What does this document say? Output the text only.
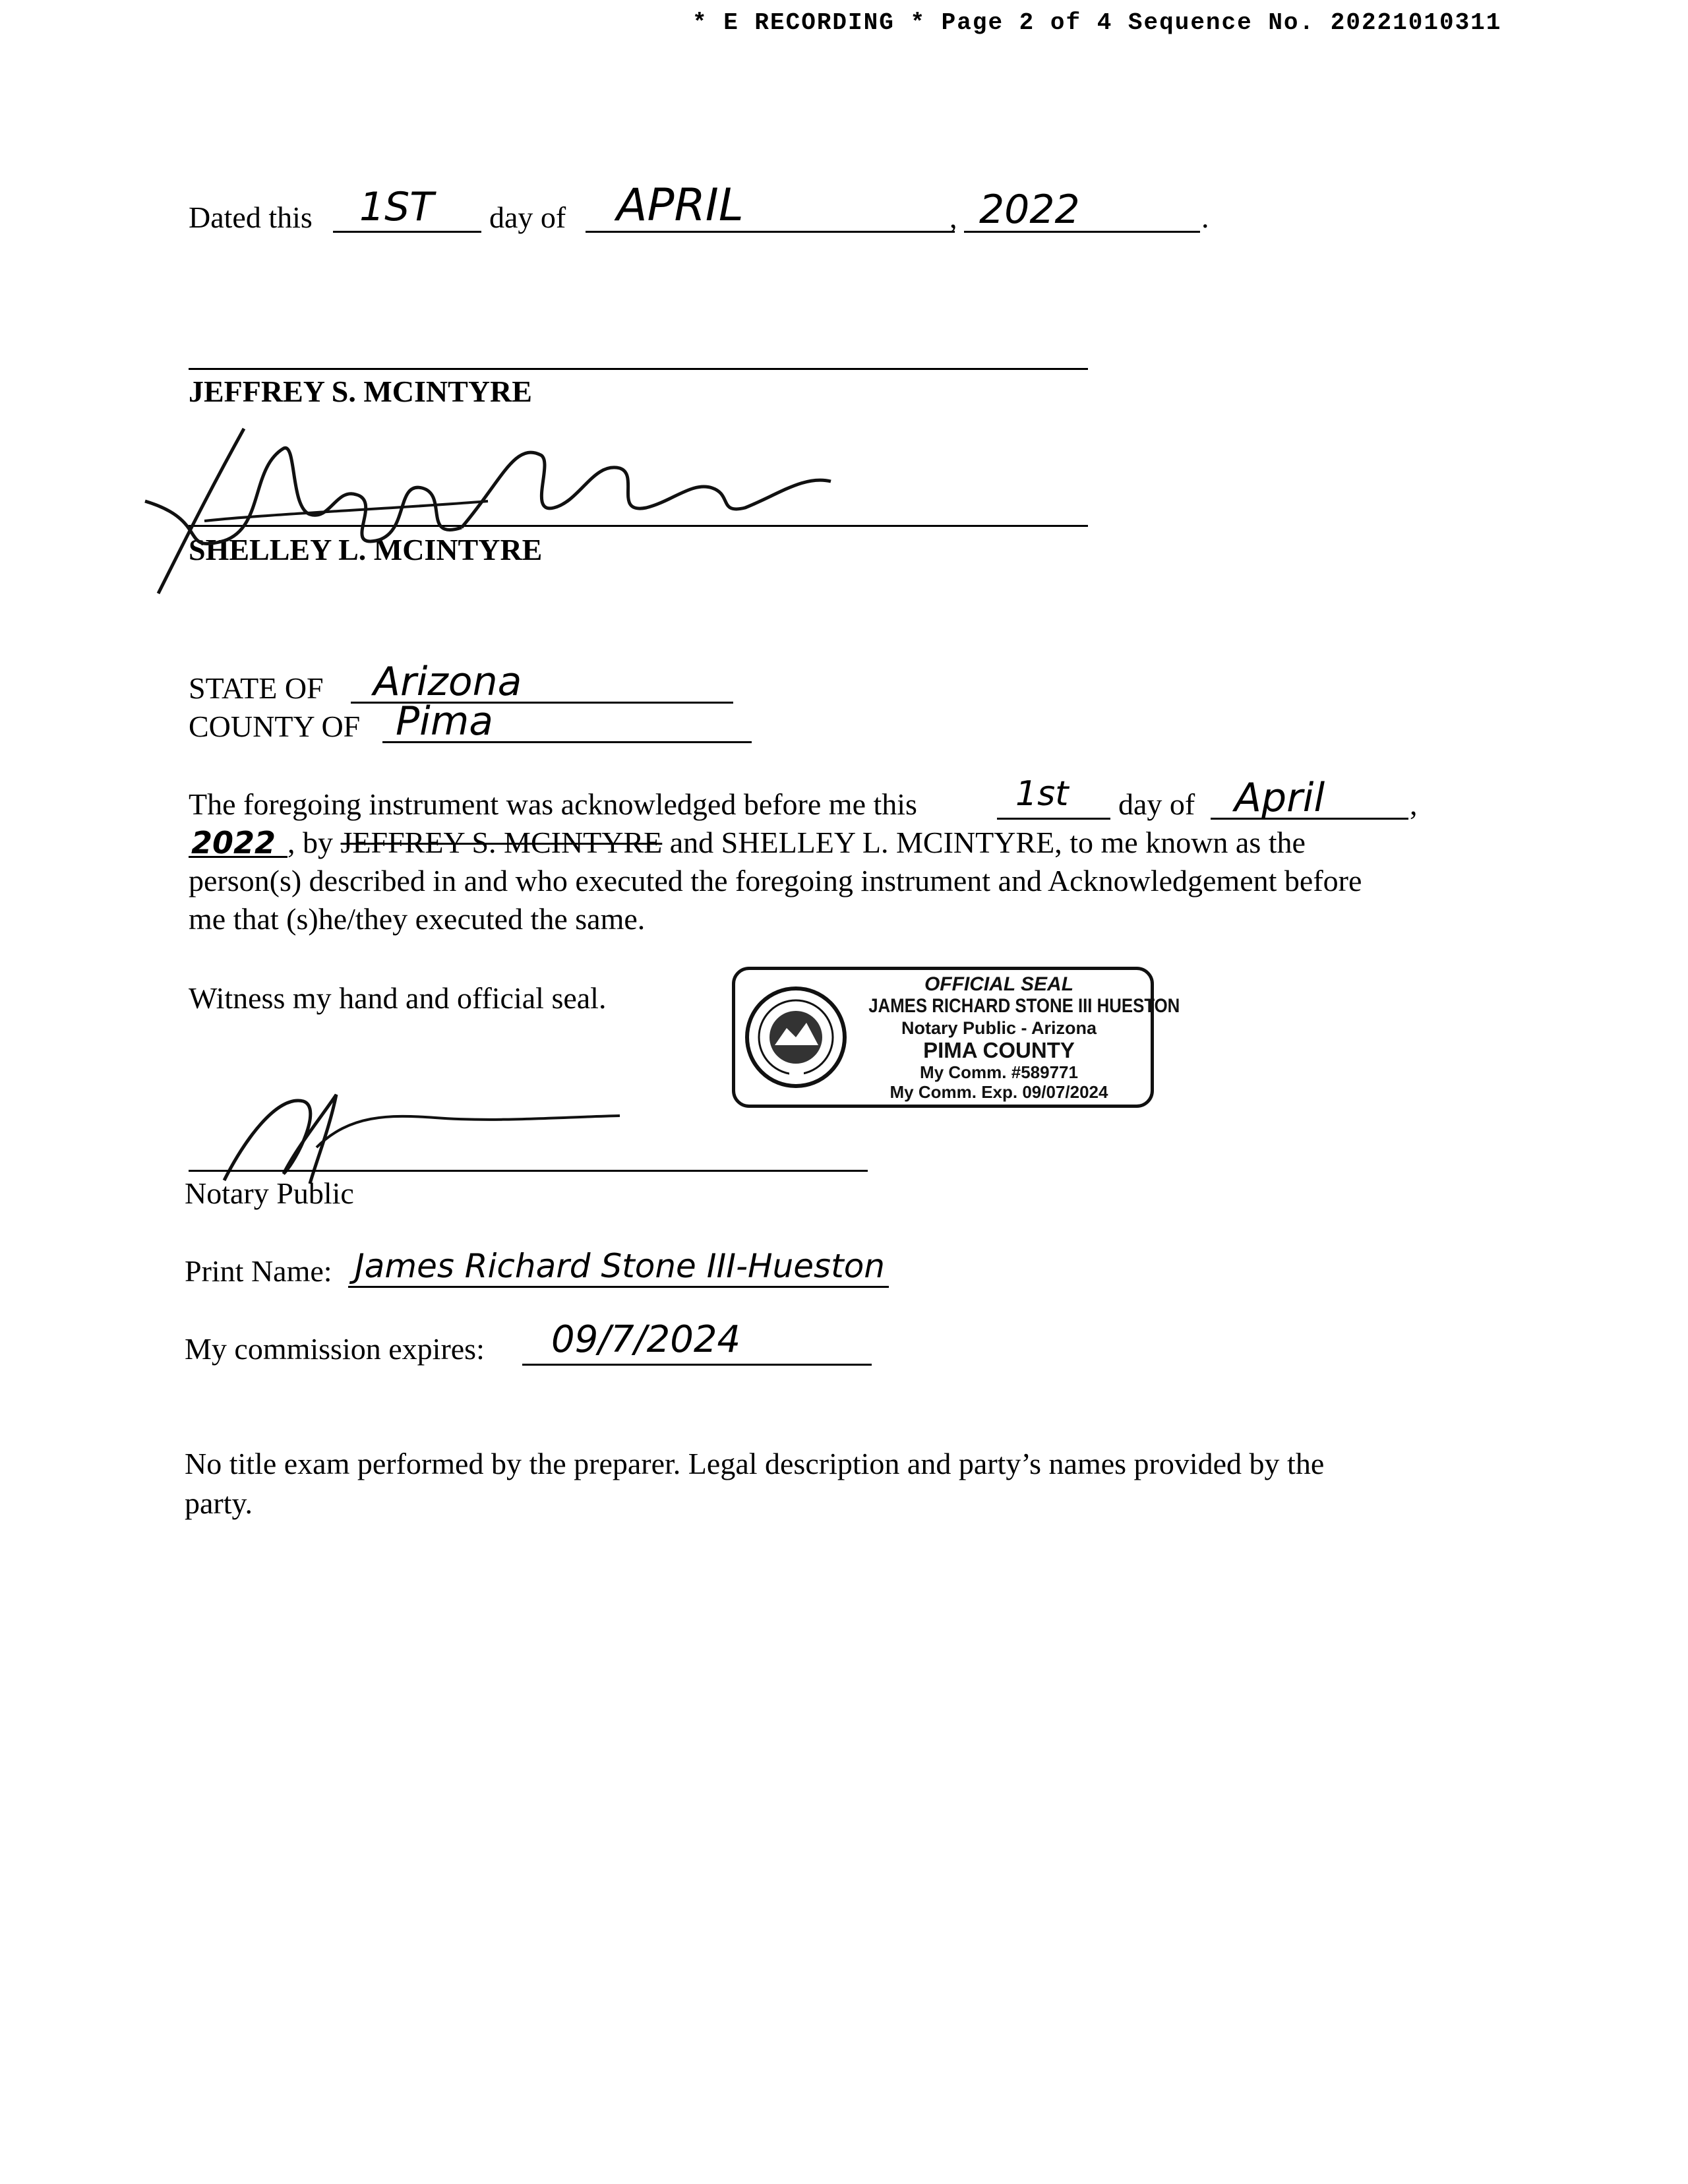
* E RECORDING * Page 2 of 4 Sequence No. 20221010311
Dated this 1ST day of APRIL	, 2022	.
JEFFREY S. MCINTYRE
SHELLEY L. MCINTYRE
Shelley L. McIntyre
STATE OF Arizona
COUNTY OF Pima
The foregoing instrument was acknowledged before me this	1st day of April	,
2022 , by JEFFREY S. MCINTYRE and SHELLEY L. MCINTYRE, to me known as the
person(s) described in and who executed the foregoing instrument and Acknowledgement before
me that (s)he/they executed the same.
Witness my hand and official seal.	OFFICIAL SEAL
JAMES RICHARD STONE III HUESTON
Notary Public - Arizona
PIMA COUNTY
My Comm. #589771
My Comm. Exp. 09/07/2024
Notary Public
Print Name: James Richard Stone III-Hueston
My commission expires: 09/7/2024
No title exam performed by the preparer. Legal description and party’s names provided by the
party.
